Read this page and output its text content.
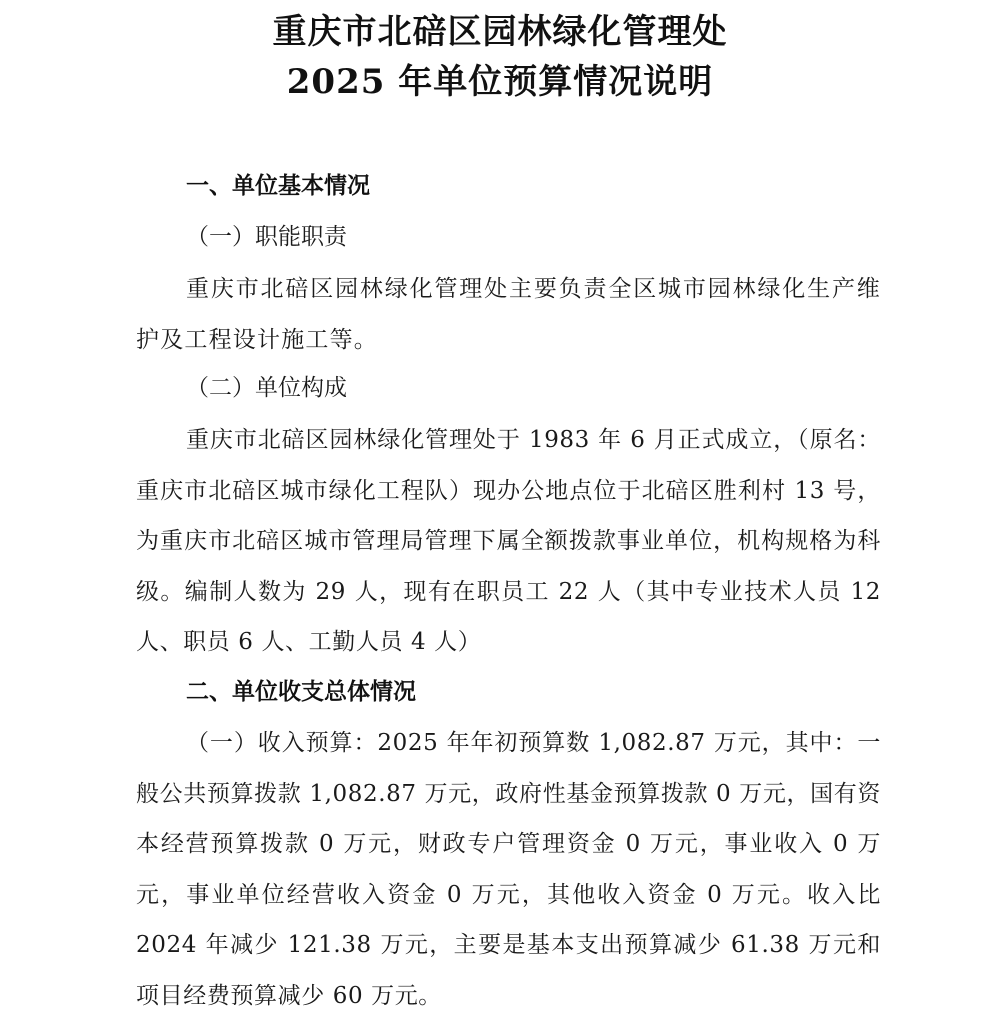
重庆市北碚区园林绿化管理处
2025 年单位预算情况说明
一、单位基本情况
（一）职能职责
重庆市北碚区园林绿化管理处主要负责全区城市园林绿化生产维护及工程设计施工等。
（二）单位构成
重庆市北碚区园林绿化管理处于 1983 年 6 月正式成立，（原名：重庆市北碚区城市绿化工程队）现办公地点位于北碚区胜利村 13 号，为重庆市北碚区城市管理局管理下属全额拨款事业单位，机构规格为科级。编制人数为 29 人，现有在职员工 22 人（其中专业技术人员 12 人、职员 6 人、工勤人员 4 人）
二、单位收支总体情况
（一）收入预算：2025 年年初预算数 1,082.87 万元，其中：一般公共预算拨款 1,082.87 万元，政府性基金预算拨款 0 万元，国有资本经营预算拨款 0 万元，财政专户管理资金 0 万元，事业收入 0 万元，事业单位经营收入资金 0 万元，其他收入资金 0 万元。收入比 2024 年减少 121.38 万元，主要是基本支出预算减少 61.38 万元和项目经费预算减少 60 万元。
